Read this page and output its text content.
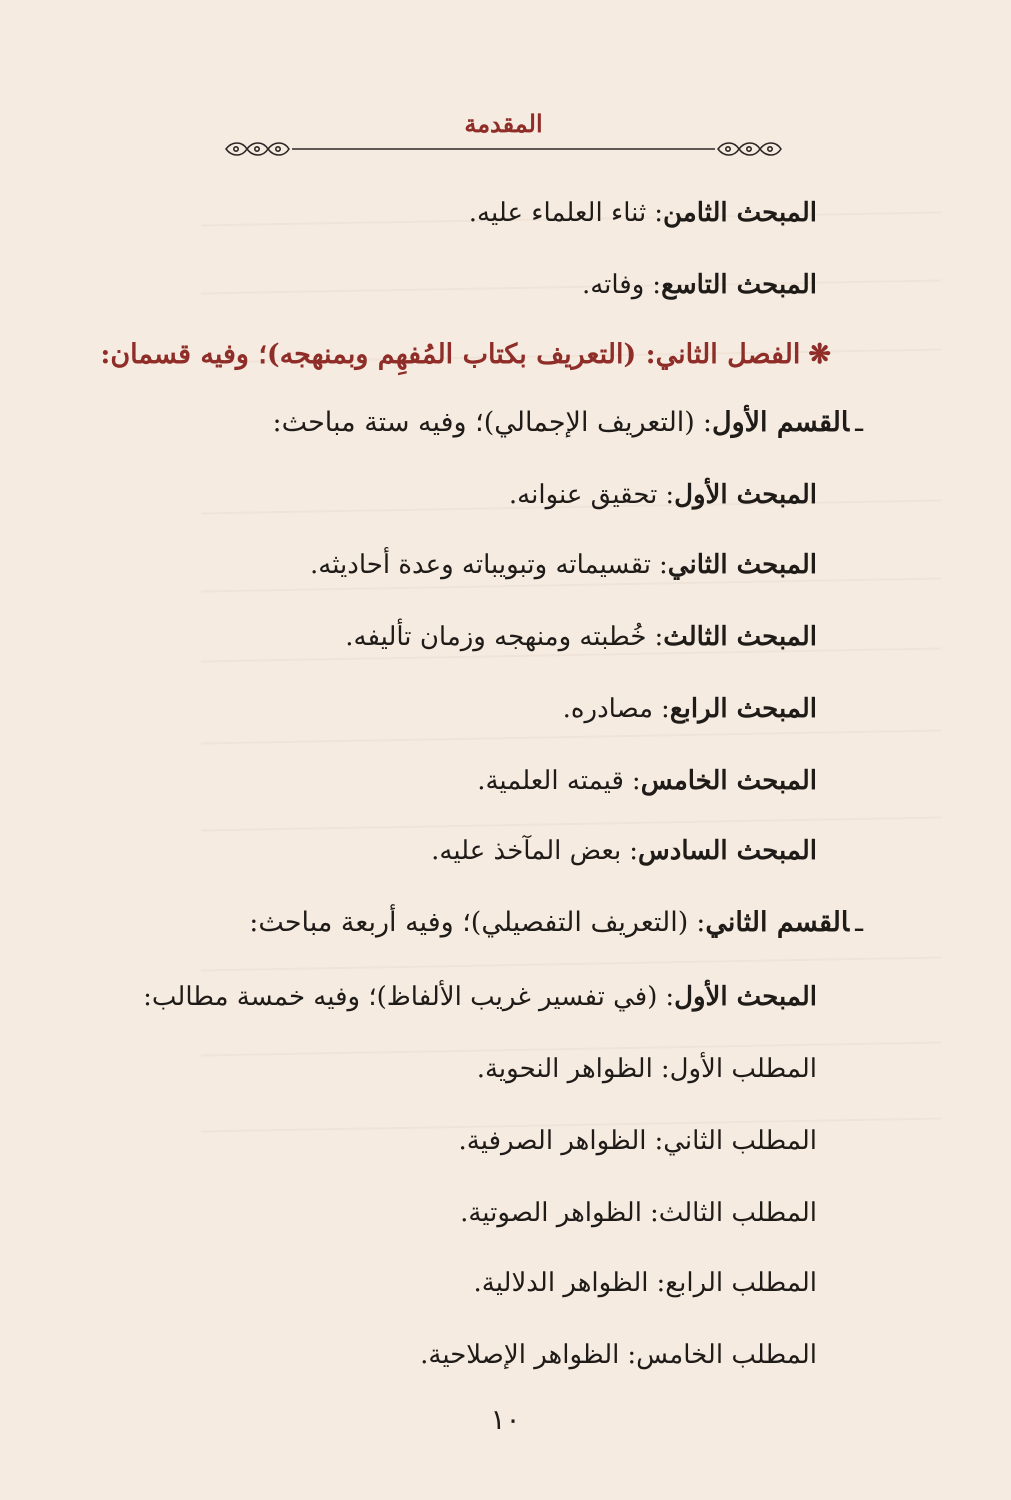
المقدمة
المبحث الثامن:ثناء العلماء عليه.
المبحث التاسع:وفاته.
❋الفصل الثاني: (التعريف بكتاب المُفهِم وبمنهجه)؛ وفيه قسمان:
ـالقسم الأول:(التعريف الإجمالي)؛ وفيه ستة مباحث:
المبحث الأول:تحقيق عنوانه.
المبحث الثاني:تقسيماته وتبويباته وعدة أحاديثه.
المبحث الثالث:خُطبته ومنهجه وزمان تأليفه.
المبحث الرابع:مصادره.
المبحث الخامس:قيمته العلمية.
المبحث السادس:بعض المآخذ عليه.
ـالقسم الثاني:(التعريف التفصيلي)؛ وفيه أربعة مباحث:
المبحث الأول:(في تفسير غريب الألفاظ)؛ وفيه خمسة مطالب:
المطلب الأول:الظواهر النحوية.
المطلب الثاني:الظواهر الصرفية.
المطلب الثالث:الظواهر الصوتية.
المطلب الرابع:الظواهر الدلالية.
المطلب الخامس:الظواهر الإصلاحية.
١٠
